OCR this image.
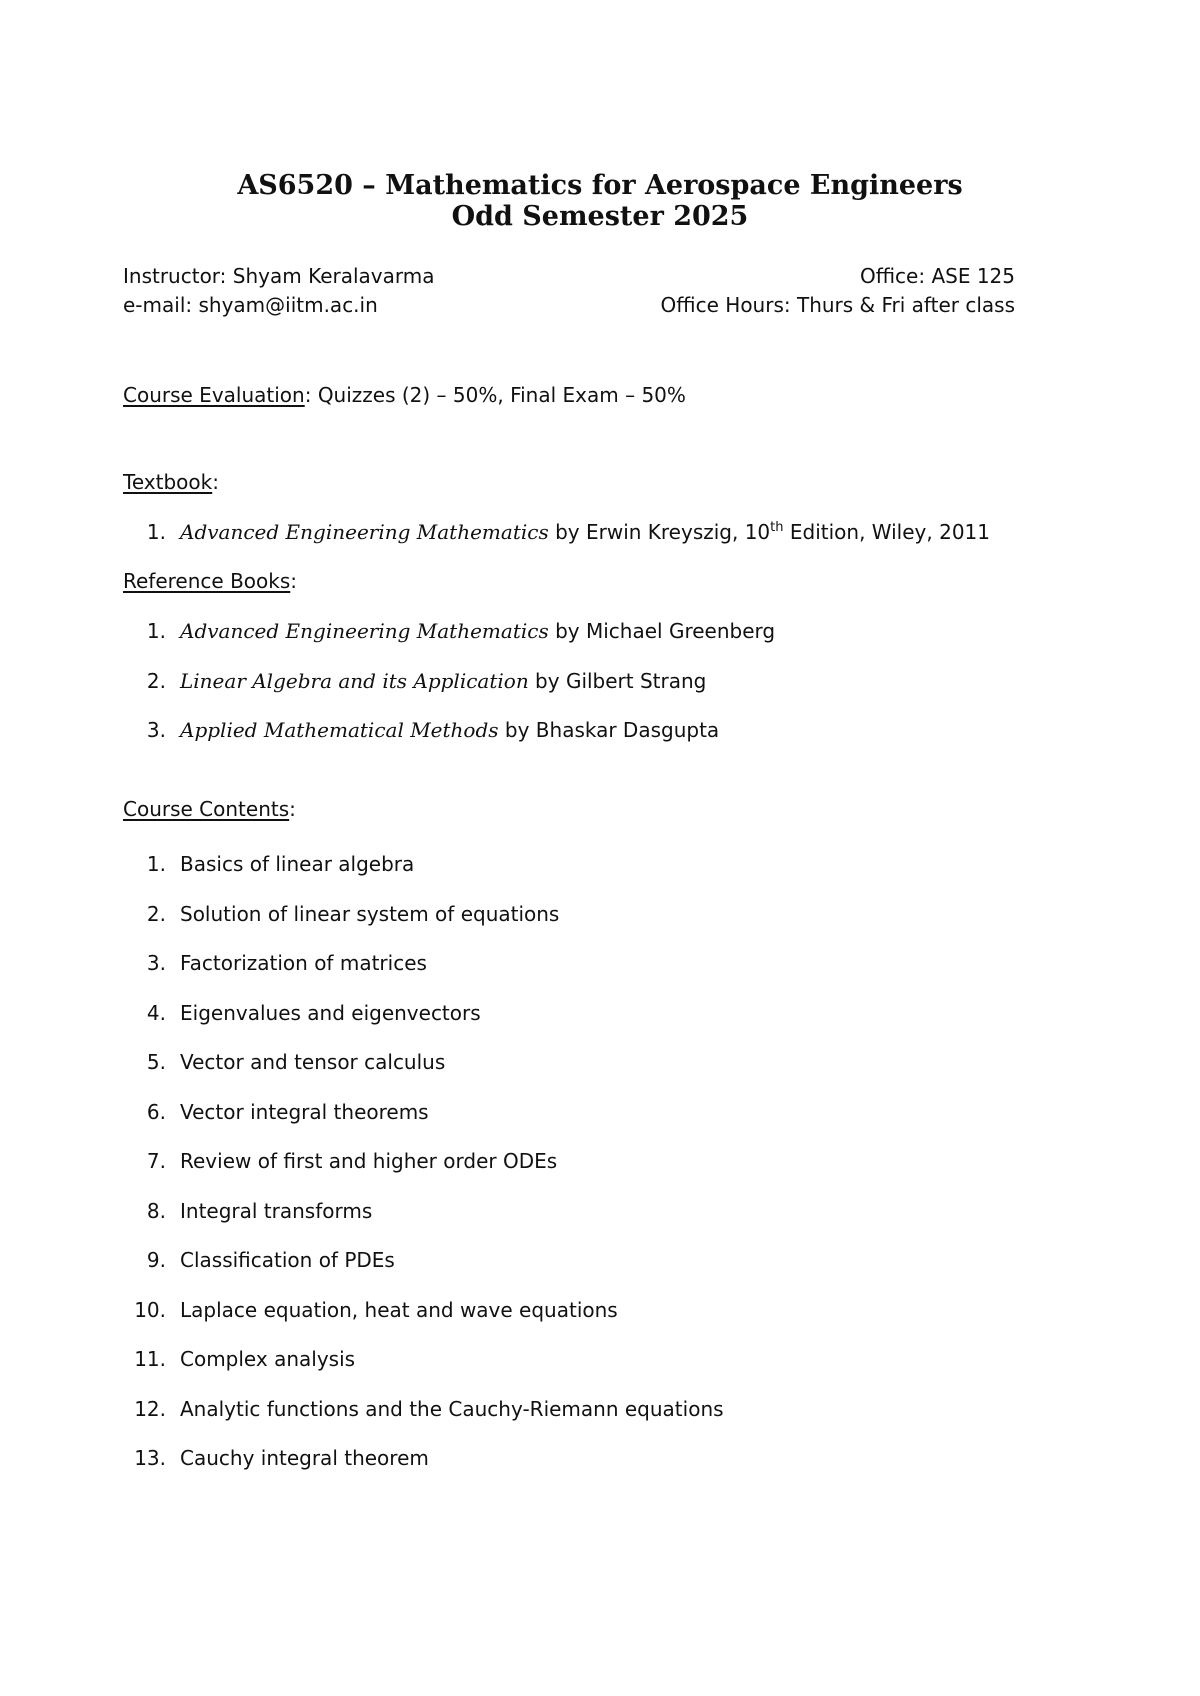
AS6520 – Mathematics for Aerospace Engineers
Odd Semester 2025
Instructor: Shyam Keralavarma	Office: ASE 125
e-mail: shyam@iitm.ac.in	Office Hours: Thurs & Fri after class
Course Evaluation: Quizzes (2) – 50%, Final Exam – 50%
Textbook:
1. Advanced Engineering Mathematics by Erwin Kreyszig, 10th Edition, Wiley, 2011
Reference Books:
1. Advanced Engineering Mathematics by Michael Greenberg
2. Linear Algebra and its Application by Gilbert Strang
3. Applied Mathematical Methods by Bhaskar Dasgupta
Course Contents:
1. Basics of linear algebra
2. Solution of linear system of equations
3. Factorization of matrices
4. Eigenvalues and eigenvectors
5. Vector and tensor calculus
6. Vector integral theorems
7. Review of first and higher order ODEs
8. Integral transforms
9. Classification of PDEs
10. Laplace equation, heat and wave equations
11. Complex analysis
12. Analytic functions and the Cauchy-Riemann equations
13. Cauchy integral theorem
